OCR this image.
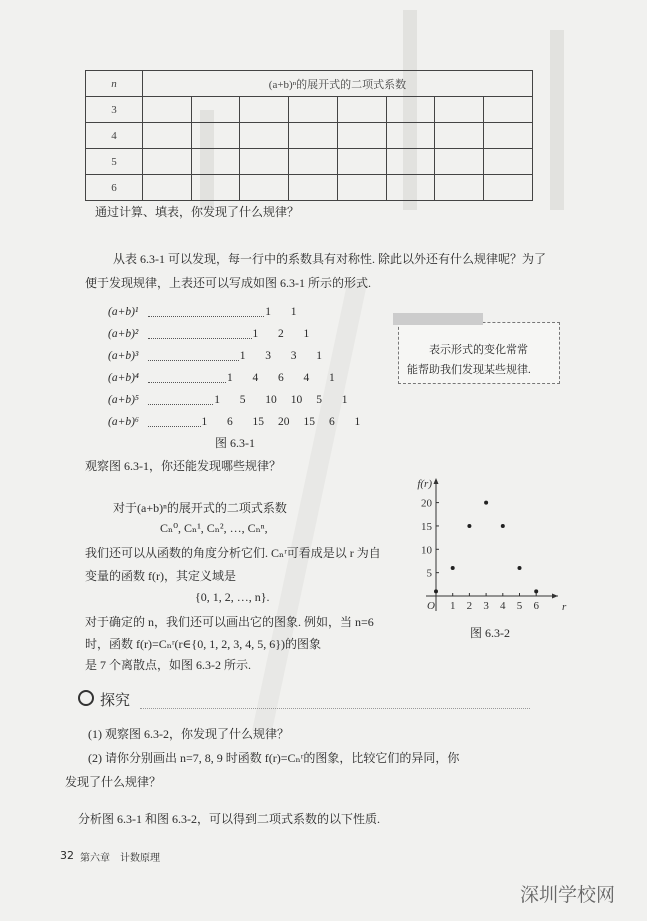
n	(a+b)ⁿ的展开式的二项式系数							
3								
4								
5								
6								
通过计算、填表，你发现了什么规律？
从表 6.3-1 可以发现，每一行中的系数具有对称性. 除此以外还有什么规律呢？为了
便于发现规律，上表还可以写成如图 6.3-1 所示的形式.
(a+b)¹	1 1
(a+b)²	1 2 1
(a+b)³	1 3 3 1
(a+b)⁴	1 4 6 4 1
(a+b)⁵	1 5 10 10 5 1
(a+b)⁶	1 6 15 20 15 6 1
图 6.3-1
表示形式的变化常常
能帮助我们发现某些规律.
观察图 6.3-1，你还能发现哪些规律？
对于(a+b)ⁿ的展开式的二项式系数
Cₙ⁰, Cₙ¹, Cₙ², …, Cₙⁿ,
我们还可以从函数的角度分析它们. Cₙʳ可看成是以 r 为自
变量的函数 f(r)，其定义域是
{0, 1, 2, …, n}.
对于确定的 n，我们还可以画出它的图象. 例如，当 n=6
时，函数 f(r)=Cₙʳ(r∈{0, 1, 2, 3, 4, 5, 6})的图象
是 7 个离散点，如图 6.3-2 所示.
r
f(r)
O 1 2 3 4 5 6
5
10
15
20
图 6.3-2
探究
(1) 观察图 6.3-2，你发现了什么规律？
(2) 请你分别画出 n=7, 8, 9 时函数 f(r)=Cₙʳ的图象，比较它们的异同，你
发现了什么规律？
分析图 6.3-1 和图 6.3-2，可以得到二项式系数的以下性质.
32 第六章　计数原理
深圳学校网
